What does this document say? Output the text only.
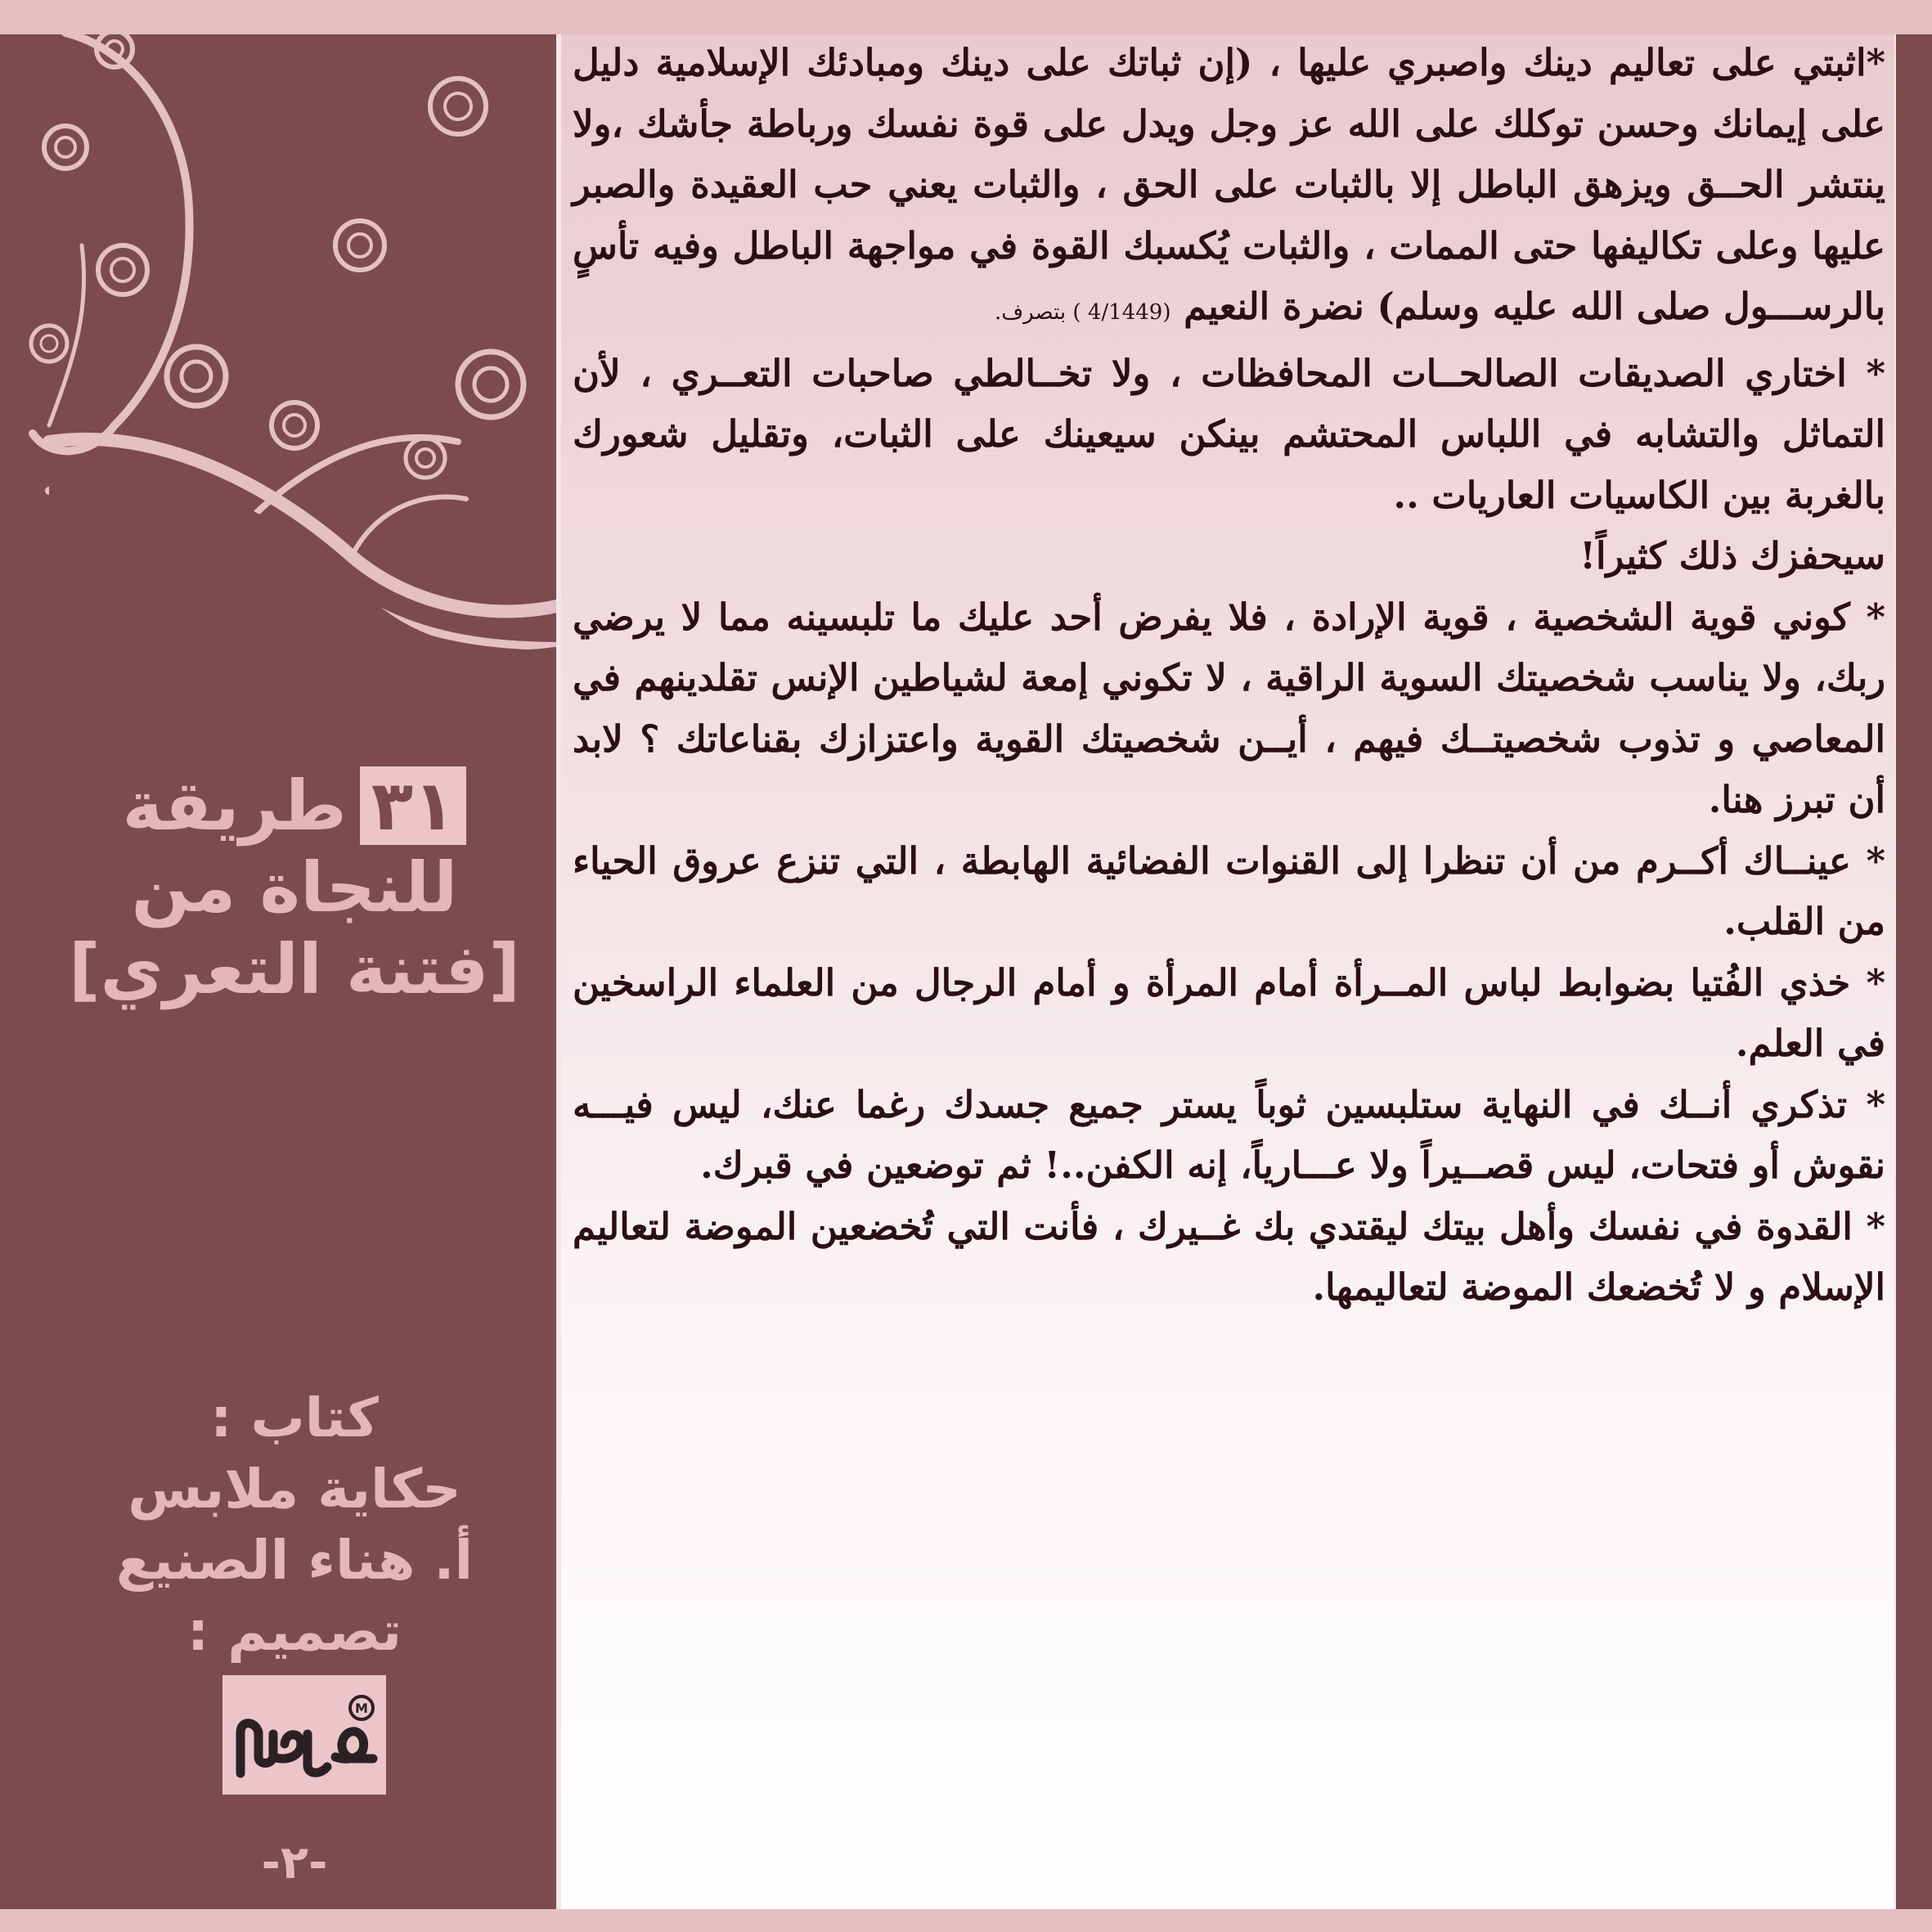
٣١طريقة
للنجاة من
[فتنة التعري]
كتاب :
حكاية ملابس
أ. هناء الصنيع
تصميم :
M
-٢-

*اثبتي على تعاليم دينك واصبري عليها ، (إن ثباتك على دينك ومبادئك الإسلامية دليل على إيمانك وحسن توكلك على الله عز وجل ويدل على قوة نفسك ورباطة جأشك ،ولا ينتشر الحــق ويزهق الباطل إلا بالثبات على الحق ، والثبات يعني حب العقيدة والصبر عليها وعلى تكاليفها حتى الممات ، والثبات يُكسبك القوة في مواجهة الباطل وفيه تأسٍ بالرســـول صلى الله عليه وسلم) نضرة النعيم (4/1449 ) بتصرف.

* اختاري الصديقات الصالحــات المحافظات ، ولا تخــالطي صاحبات التعــري ، لأن التماثل والتشابه في اللباس المحتشم بينكن سيعينك على الثبات، وتقليل شعورك بالغربة بين الكاسيات العاريات ..

سيحفزك ذلك كثيراً!

* كوني قوية الشخصية ، قوية الإرادة ، فلا يفرض أحد عليك ما تلبسينه مما لا يرضي ربك، ولا يناسب شخصيتك السوية الراقية ، لا تكوني إمعة لشياطين الإنس تقلدينهم في المعاصي و تذوب شخصيتــك فيهم ، أيــن شخصيتك القوية واعتزازك بقناعاتك ؟ لابد أن تبرز هنا.

* عينــاك أكــرم من أن تنظرا إلى القنوات الفضائية الهابطة ، التي تنزع عروق الحياء من القلب.

* خذي الفُتيا بضوابط لباس المــرأة أمام المرأة و أمام الرجال من العلماء الراسخين في العلم.

* تذكري أنــك في النهاية ستلبسين ثوباً يستر جميع جسدك رغما عنك، ليس فيـــه نقوش أو فتحات، ليس قصــيراً ولا عـــارياً، إنه الكفن..! ثم توضعين في قبرك.

* القدوة في نفسك وأهل بيتك ليقتدي بك غــيرك ، فأنت التي تُخضعين الموضة لتعاليم الإسلام و لا تُخضعك الموضة لتعاليمها.
